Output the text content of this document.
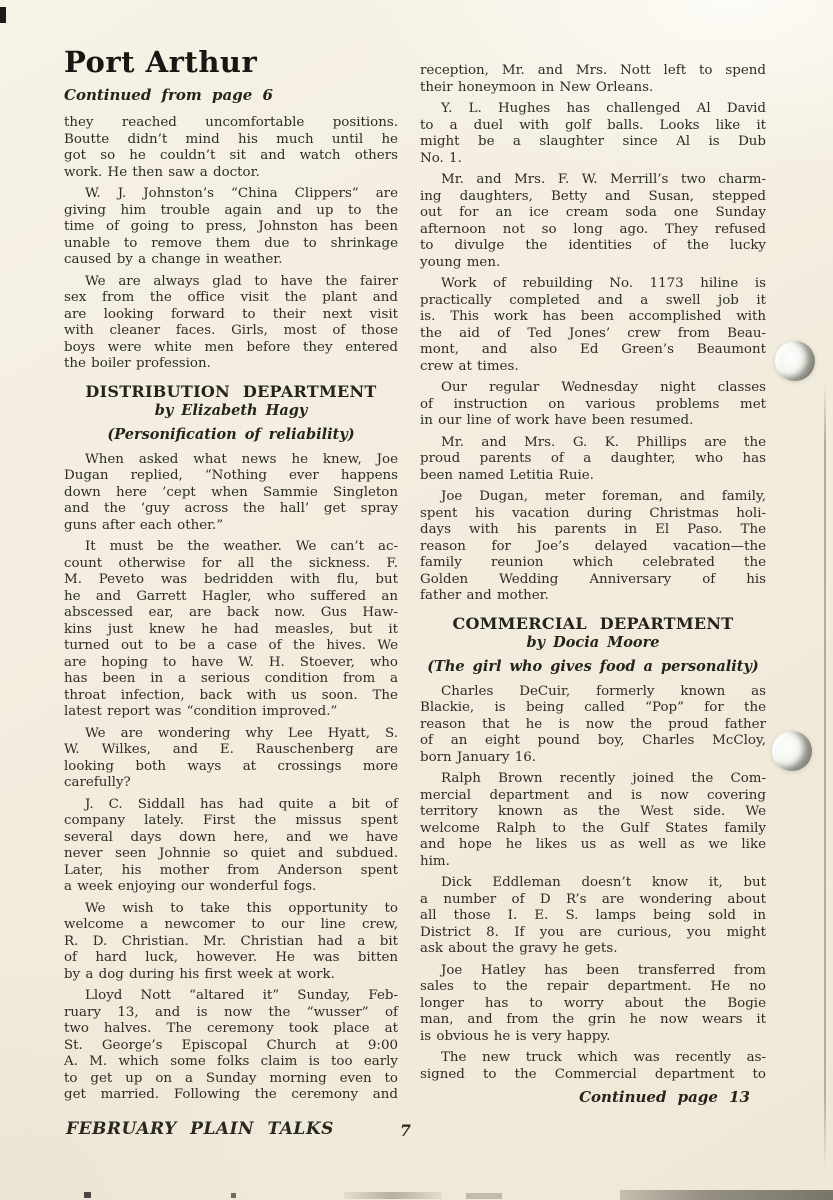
Port Arthur
Continued from page 6
they reached uncomfortable positions.
Boutte didn’t mind his much until he
got so he couldn’t sit and watch others
work. He then saw a doctor.
W. J. Johnston’s “China Clippers” are
giving him trouble again and up to the
time of going to press, Johnston has been
unable to remove them due to shrinkage
caused by a change in weather.
We are always glad to have the fairer
sex from the office visit the plant and
are looking forward to their next visit
with cleaner faces. Girls, most of those
boys were white men before they entered
the boiler profession.
DISTRIBUTION DEPARTMENT
by Elizabeth Hagy
(Personification of reliability)
When asked what news he knew, Joe
Dugan replied, “Nothing ever happens
down here ’cept when Sammie Singleton
and the ‘guy across the hall’ get spray
guns after each other.”
It must be the weather. We can’t ac-
count otherwise for all the sickness. F.
M. Peveto was bedridden with flu, but
he and Garrett Hagler, who suffered an
abscessed ear, are back now. Gus Haw-
kins just knew he had measles, but it
turned out to be a case of the hives. We
are hoping to have W. H. Stoever, who
has been in a serious condition from a
throat infection, back with us soon. The
latest report was “condition improved.”
We are wondering why Lee Hyatt, S.
W. Wilkes, and E. Rauschenberg are
looking both ways at crossings more
carefully?
J. C. Siddall has had quite a bit of
company lately. First the missus spent
several days down here, and we have
never seen Johnnie so quiet and subdued.
Later, his mother from Anderson spent
a week enjoying our wonderful fogs.
We wish to take this opportunity to
welcome a newcomer to our line crew,
R. D. Christian. Mr. Christian had a bit
of hard luck, however. He was bitten
by a dog during his first week at work.
Lloyd Nott “altared it” Sunday, Feb-
ruary 13, and is now the “wusser” of
two halves. The ceremony took place at
St. George’s Episcopal Church at 9:00
A. M. which some folks claim is too early
to get up on a Sunday morning even to
get married. Following the ceremony and
reception, Mr. and Mrs. Nott left to spend
their honeymoon in New Orleans.
Y. L. Hughes has challenged Al David
to a duel with golf balls. Looks like it
might be a slaughter since Al is Dub
No. 1.
Mr. and Mrs. F. W. Merrill’s two charm-
ing daughters, Betty and Susan, stepped
out for an ice cream soda one Sunday
afternoon not so long ago. They refused
to divulge the identities of the lucky
young men.
Work of rebuilding No. 1173 hiline is
practically completed and a swell job it
is. This work has been accomplished with
the aid of Ted Jones’ crew from Beau-
mont, and also Ed Green’s Beaumont
crew at times.
Our regular Wednesday night classes
of instruction on various problems met
in our line of work have been resumed.
Mr. and Mrs. G. K. Phillips are the
proud parents of a daughter, who has
been named Letitia Ruie.
Joe Dugan, meter foreman, and family,
spent his vacation during Christmas holi-
days with his parents in El Paso. The
reason for Joe’s delayed vacation—the
family reunion which celebrated the
Golden Wedding Anniversary of his
father and mother.
COMMERCIAL DEPARTMENT
by Docia Moore
(The girl who gives food a personality)
Charles DeCuir, formerly known as
Blackie, is being called “Pop” for the
reason that he is now the proud father
of an eight pound boy, Charles McCloy,
born January 16.
Ralph Brown recently joined the Com-
mercial department and is now covering
territory known as the West side. We
welcome Ralph to the Gulf States family
and hope he likes us as well as we like
him.
Dick Eddleman doesn’t know it, but
a number of D R’s are wondering about
all those I. E. S. lamps being sold in
District 8. If you are curious, you might
ask about the gravy he gets.
Joe Hatley has been transferred from
sales to the repair department. He no
longer has to worry about the Bogie
man, and from the grin he now wears it
is obvious he is very happy.
The new truck which was recently as-
signed to the Commercial department to
Continued page 13
FEBRUARY PLAIN TALKS	7
